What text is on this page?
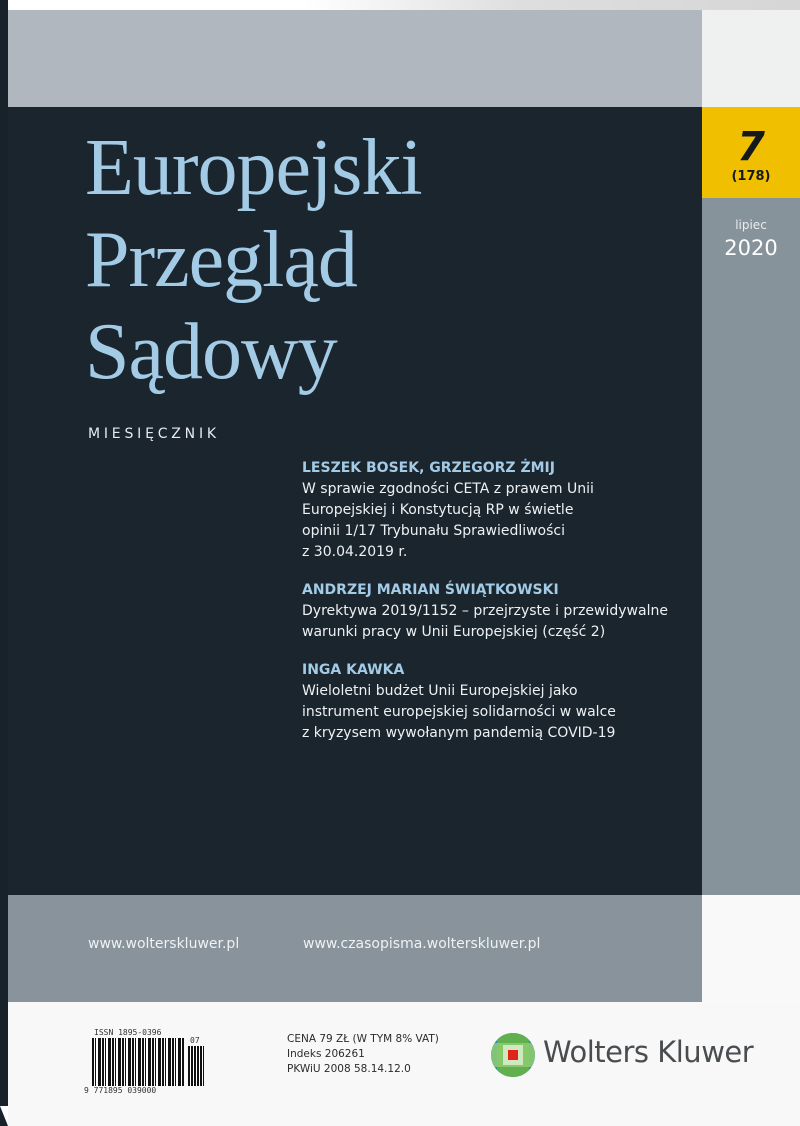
7
(178)
lipiec
2020
Europejski
Przegląd
Sądowy
MIESIĘCZNIK
LESZEK BOSEK, GRZEGORZ ŻMIJ
W sprawie zgodności CETA z prawem Unii
Europejskiej i Konstytucją RP w świetle
opinii 1/17 Trybunału Sprawiedliwości
z 30.04.2019 r.
ANDRZEJ MARIAN ŚWIĄTKOWSKI
Dyrektywa 2019/1152 – przejrzyste i przewidywalne
warunki pracy w Unii Europejskiej (część 2)
INGA KAWKA
Wieloletni budżet Unii Europejskiej jako
instrument europejskiej solidarności w walce
z kryzysem wywołanym pandemią COVID-19
www.wolterskluwer.pl	www.czasopisma.wolterskluwer.pl
ISSN 1895-0396
07
9 771895 039000
CENA 79 ZŁ (W TYM 8% VAT)
Indeks 206261
PKWiU 2008 58.14.12.0	Wolters Kluwer
